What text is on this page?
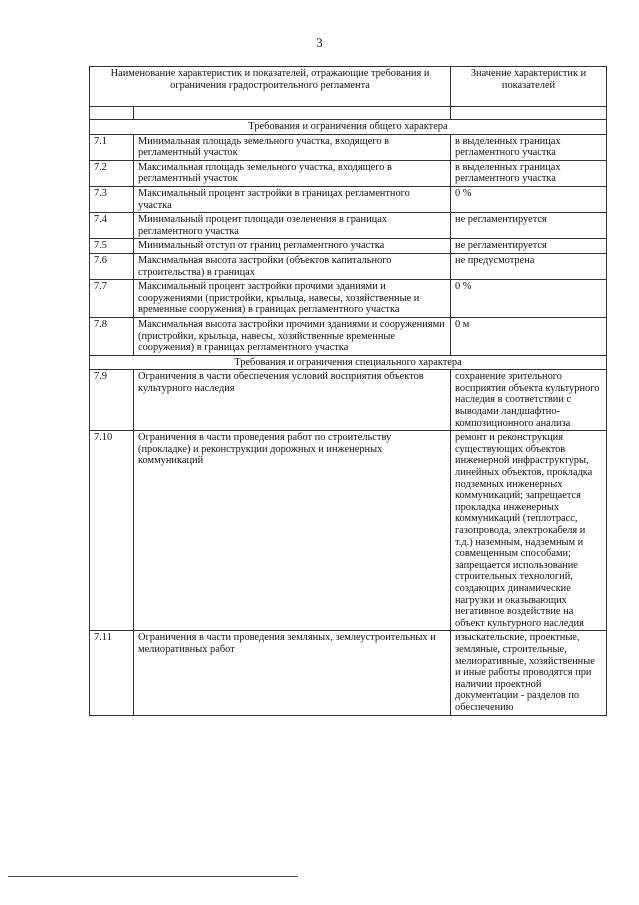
3
Наименование характеристик и показателей, отражающие требования и ограничения градостроительного регламента		Значение характеристик и показателей

Требования и ограничения общего характера		
7.1	Минимальная площадь земельного участка, входящего в регламентный участок	в выделенных границах регламентного участка
7.2	Максимальная площадь земельного участка, входящего в регламентный участок	в выделенных границах регламентного участка
7.3	Максимальный процент застройки в границах регламентного участка	0 %
7.4	Минимальный процент площади озеленения в границах регламентного участка	не регламентируется
7.5	Минимальный отступ от границ регламентного участка	не регламентируется
7.6	Максимальная высота застройки (объектов капитального строительства) в границах	не предусмотрена
7.7	Максимальный процент застройки прочими зданиями и сооружениями (пристройки, крыльца, навесы, хозяйственные и временные сооружения) в границах регламентного участка	0 %
7.8	Максимальная высота застройки прочими зданиями и сооружениями (пристройки, крыльца, навесы, хозяйственные временные сооружения) в границах регламентного участка	0 м
Требования и ограничения специального характера		
7.9	Ограничения в части обеспечения условий восприятия объектов культурного наследия	сохранение зрительного восприятия объекта культурного наследия в соответствии с выводами ландшафтно-композиционного анализа
7.10	Ограничения в части проведения работ по строительству (прокладке) и реконструкции дорожных и инженерных коммуникаций	ремонт и реконструкция существующих объектов инженерной инфраструктуры, линейных объектов, прокладка подземных инженерных коммуникаций; запрещается прокладка инженерных коммуникаций (теплотрасс, газопровода, электрокабеля и т.д.) наземным, надземным и совмещенным способами; запрещается использование строительных технологий, создающих динамические нагрузки и оказывающих негативное воздействие на объект культурного наследия
7.11	Ограничения в части проведения земляных, землеустроительных и мелиоративных работ	изыскательские, проектные, земляные, строительные, мелиоративные, хозяйственные и иные работы проводятся при наличии проектной документации - разделов по обеспечению
